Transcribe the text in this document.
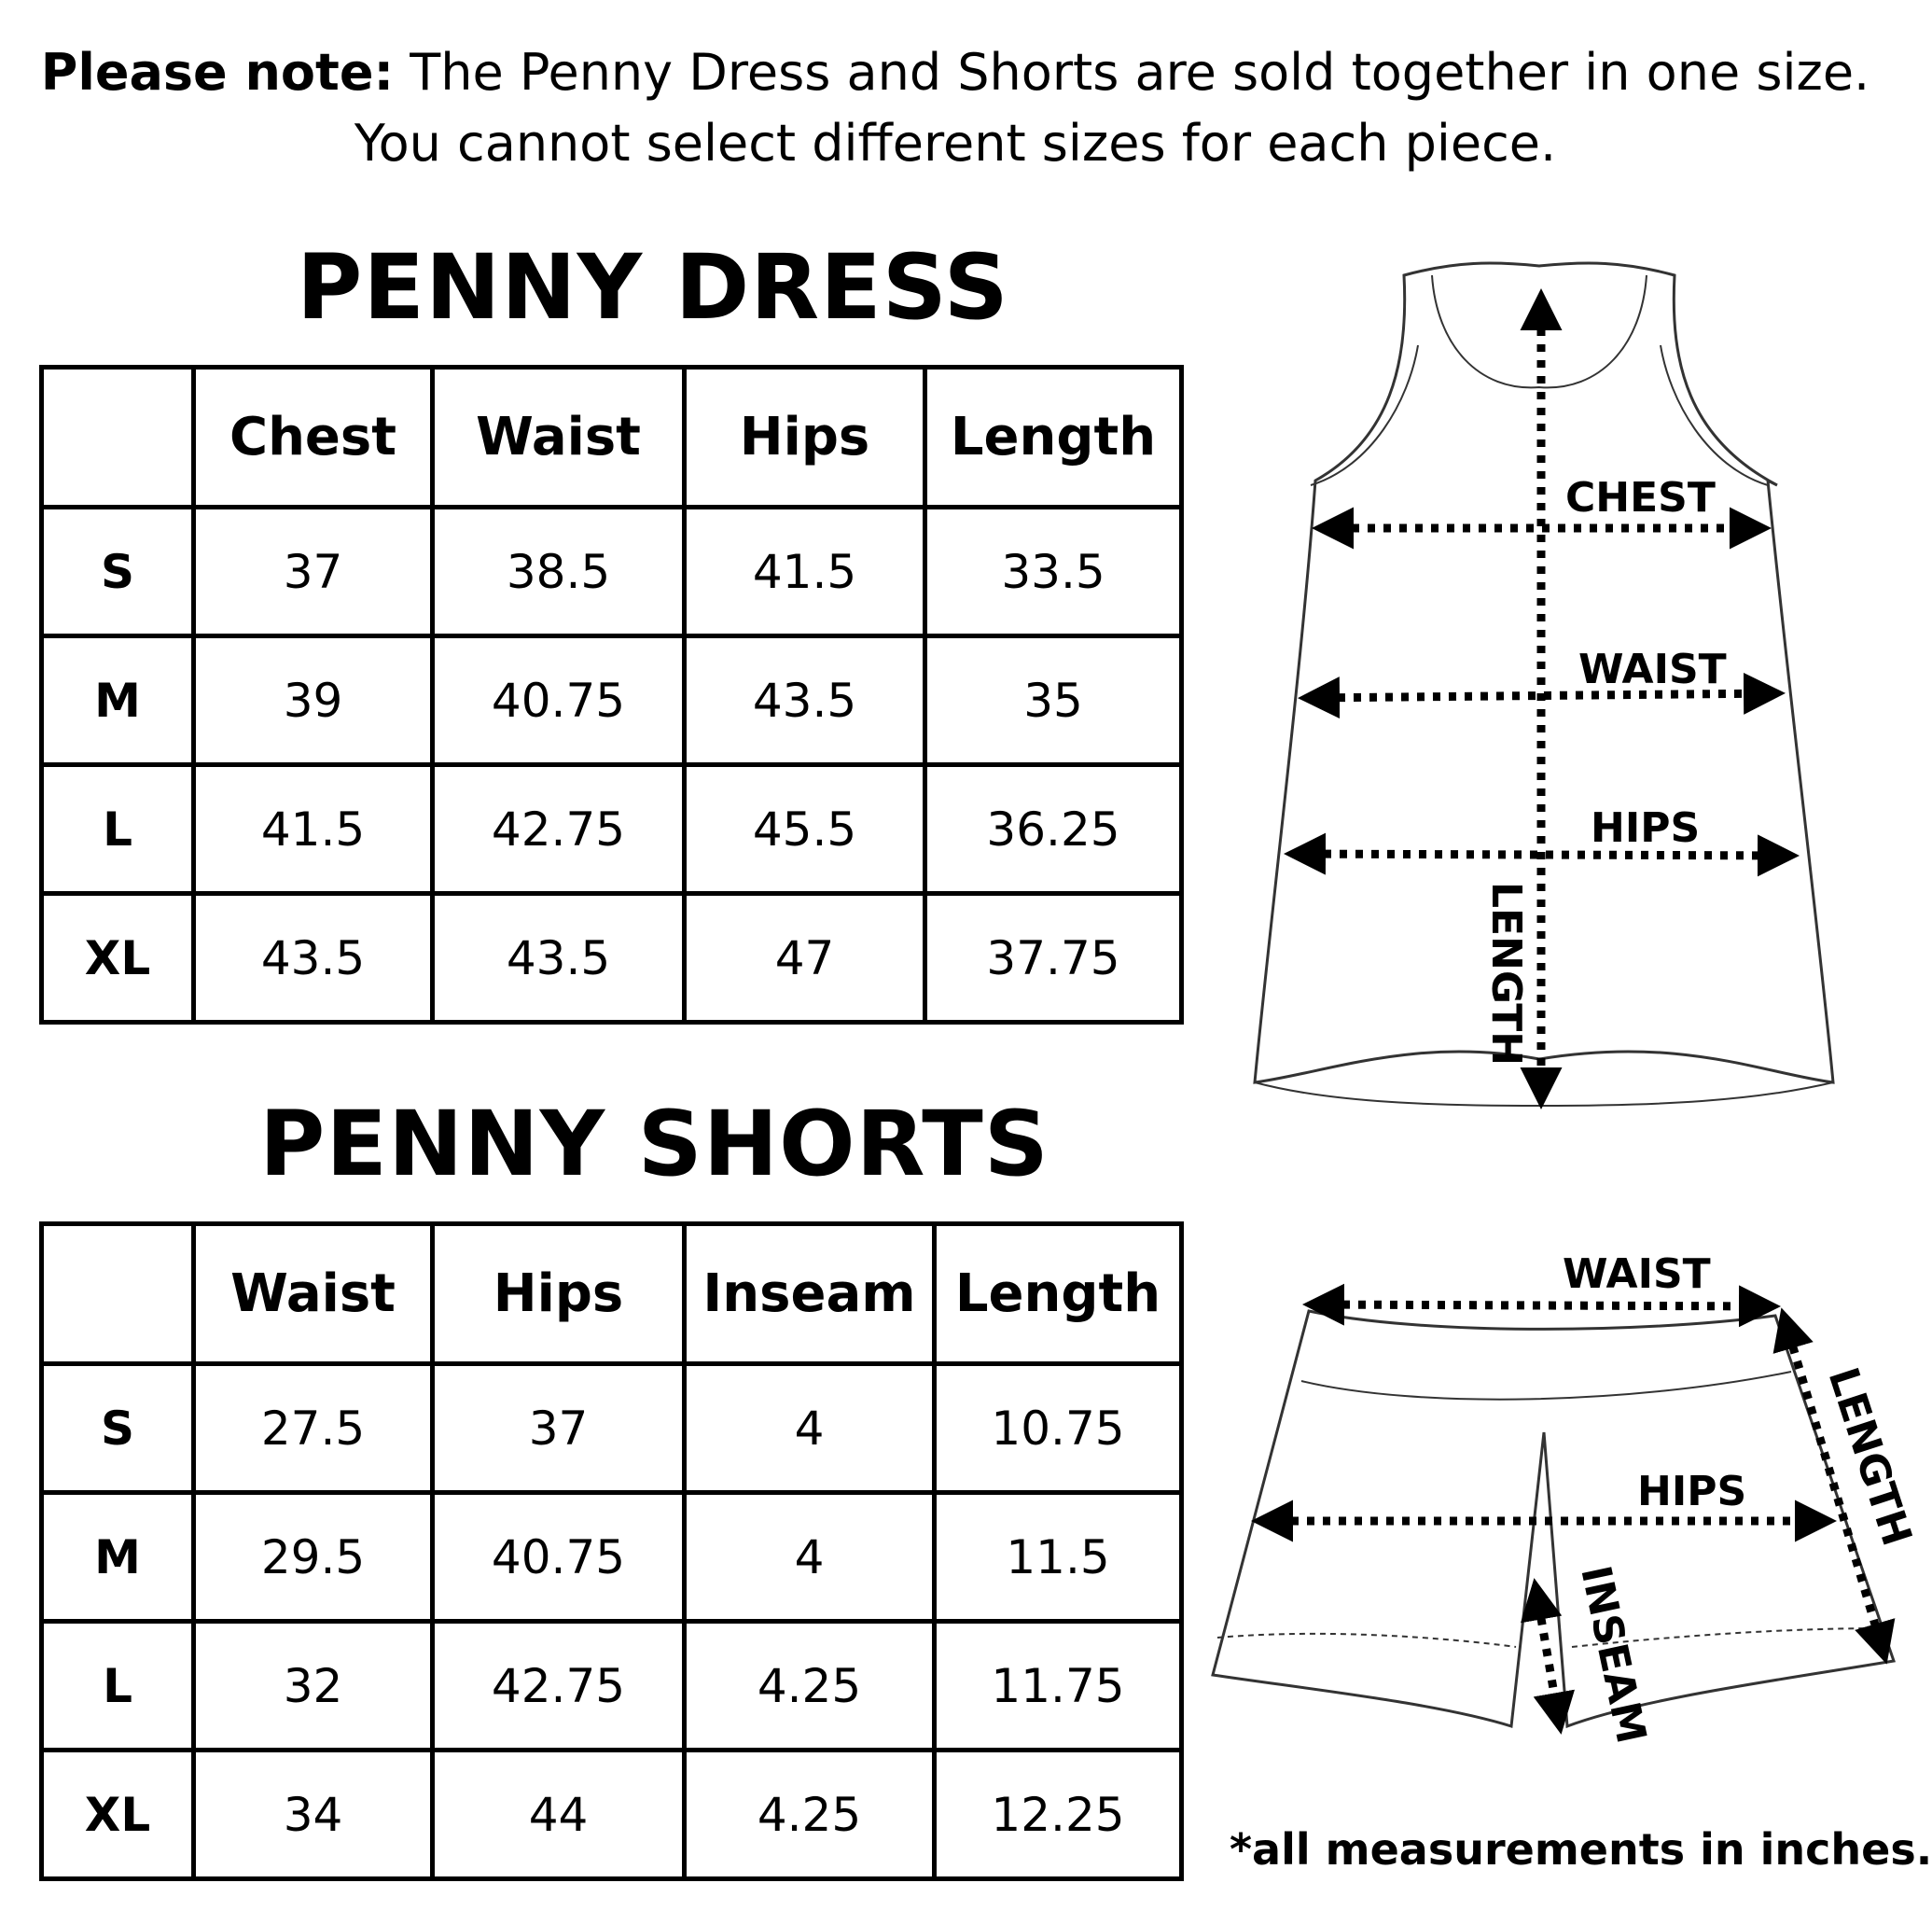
Please note: The Penny Dress and Shorts are sold together in one size.
You cannot select different sizes for each piece.
PENNY DRESS
	Chest	Waist	Hips	Length
S	37	38.5	41.5	33.5
M	39	40.75	43.5	35
L	41.5	42.75	45.5	36.25
XL	43.5	43.5	47	37.75
PENNY SHORTS
	Waist	Hips	Inseam	Length
S	27.5	37	4	10.75
M	29.5	40.75	4	11.5
L	32	42.75	4.25	11.75
XL	34	44	4.25	12.25
CHEST
WAIST
HIPS
LENGTH
WAIST
HIPS LENGTH
INSEAM
*all measurements in inches.
